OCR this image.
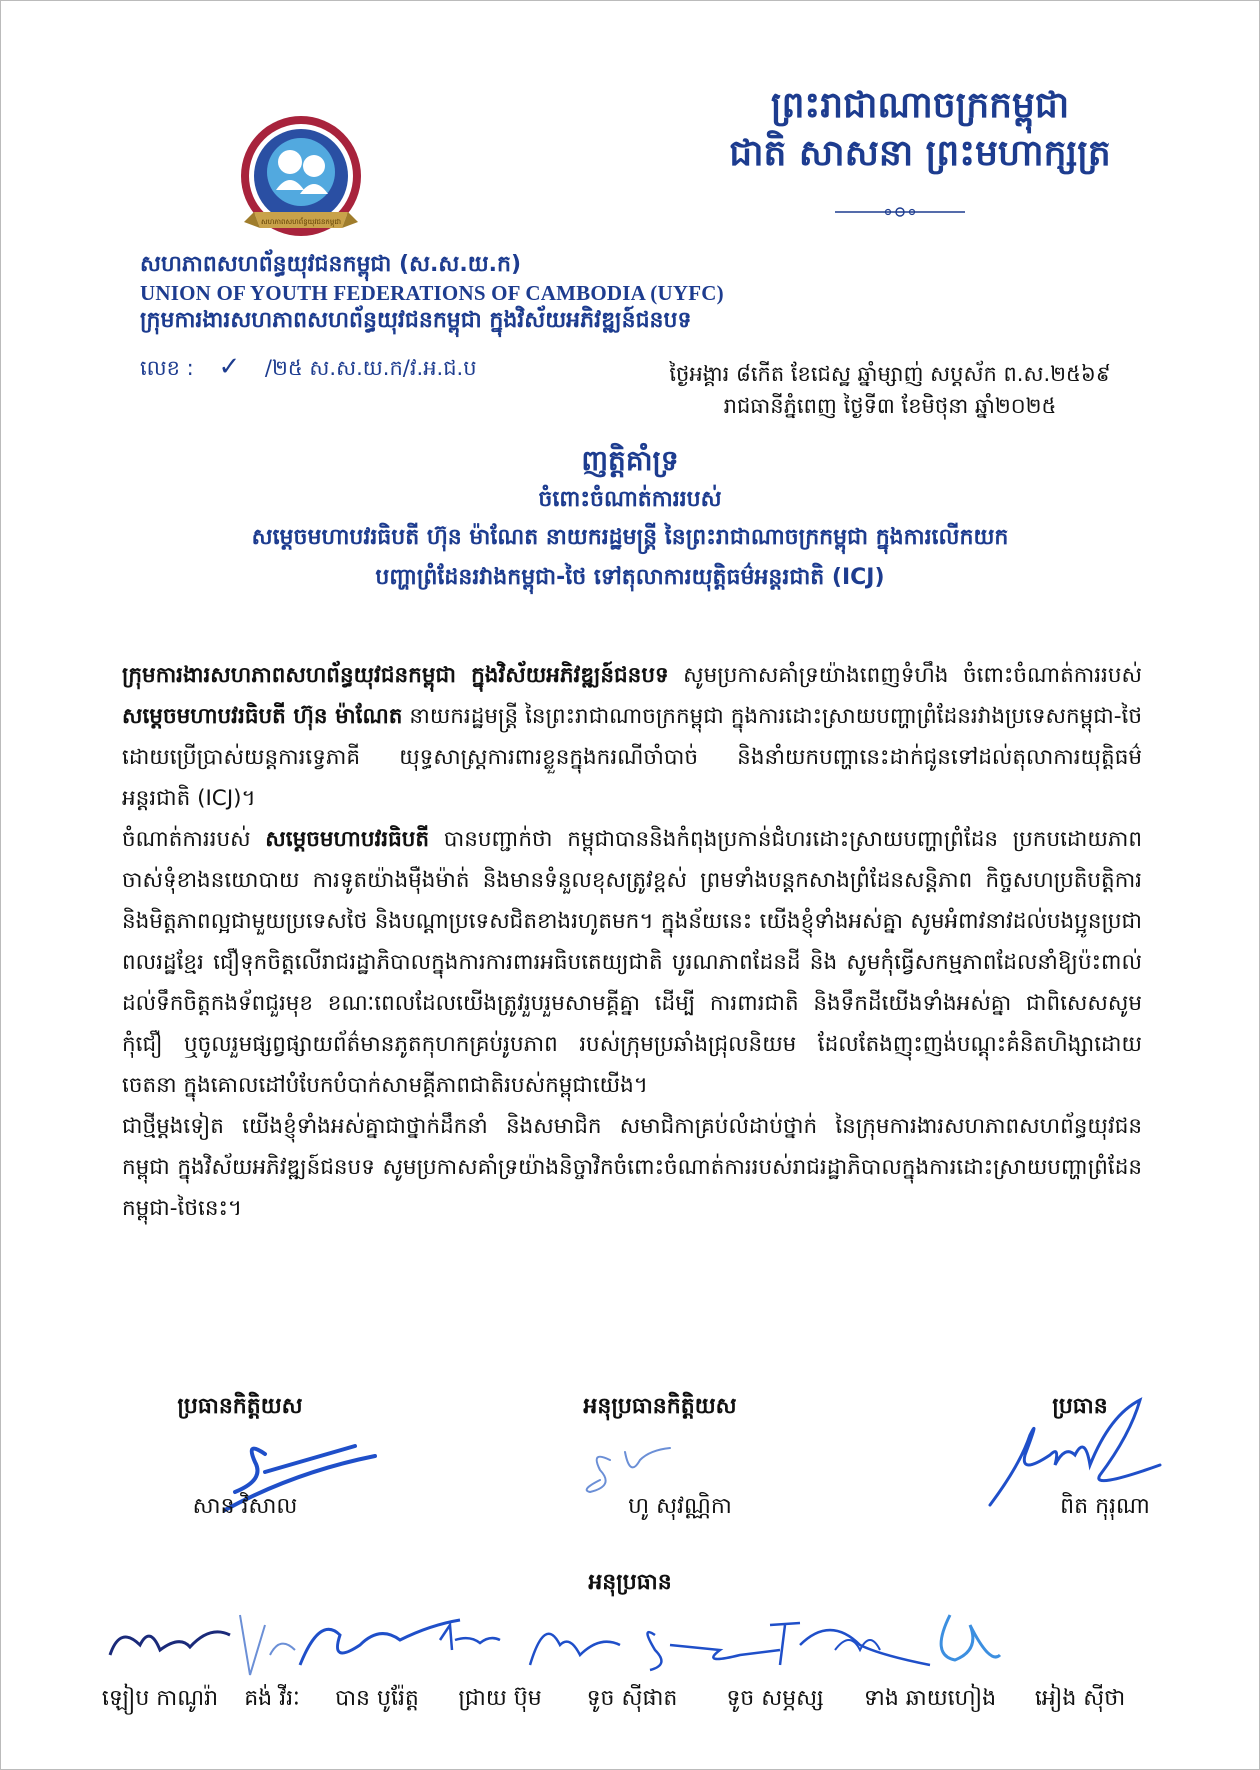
ព្រះរាជាណាចក្រកម្ពុជា
ជាតិ សាសនា ព្រះមហាក្សត្រ
សហភាពសហព័ន្ធយុវជនកម្ពុជា
សហភាពសហព័ន្ធយុវជនកម្ពុជា (ស.ស.យ.ក)
UNION OF YOUTH FEDERATIONS OF CAMBODIA (UYFC)
ក្រុមការងារសហភាពសហព័ន្ធយុវជនកម្ពុជា ក្នុងវិស័យអភិវឌ្ឍន៍ជនបទ
លេខ : ✓ /២៥ ស.ស.យ.ក/វ.អ.ជ.ប	ថ្ងៃអង្គារ ៨កើត ខែជេស្ឋ ឆ្នាំម្សាញ់ សប្តស័ក ព.ស.២៥៦៩
រាជធានីភ្នំពេញ ថ្ងៃទី៣ ខែមិថុនា ឆ្នាំ២០២៥
ញត្តិគាំទ្រ
ចំពោះចំណាត់ការរបស់
សម្តេចមហាបវរធិបតី ហ៊ុន ម៉ាណែត នាយករដ្ឋមន្ត្រី នៃព្រះរាជាណាចក្រកម្ពុជា ក្នុងការលើកយក
បញ្ហាព្រំដែនរវាងកម្ពុជា-ថៃ ទៅតុលាការយុត្តិធម៌អន្តរជាតិ (ICJ)

ក្រុមការងារសហភាពសហព័ន្ធយុវជនកម្ពុជា ក្នុងវិស័យអភិវឌ្ឍន៍ជនបទ សូមប្រកាសគាំទ្រយ៉ាងពេញទំហឹង ចំពោះចំណាត់ការរបស់ សម្តេចមហាបវរធិបតី ហ៊ុន ម៉ាណែត នាយករដ្ឋមន្ត្រី នៃព្រះរាជាណាចក្រកម្ពុជា ក្នុងការដោះស្រាយបញ្ហាព្រំដែនរវាងប្រទេសកម្ពុជា-ថៃ ដោយប្រើប្រាស់យន្តការទ្វេភាគី យុទ្ធសាស្ត្រការពារខ្លួនក្នុងករណីចាំបាច់ និងនាំយកបញ្ហានេះដាក់ជូនទៅដល់តុលាការយុត្តិធម៌អន្តរជាតិ (ICJ)។

ចំណាត់ការរបស់ សម្តេចមហាបវរធិបតី បានបញ្ជាក់ថា កម្ពុជាបាននិងកំពុងប្រកាន់ជំហរដោះស្រាយបញ្ហាព្រំដែន ប្រកបដោយភាពចាស់ទុំខាងនយោបាយ ការទូតយ៉ាងម៉ឺងម៉ាត់ និងមានទំនួលខុសត្រូវខ្ពស់ ព្រមទាំងបន្តកសាងព្រំដែនសន្តិភាព កិច្ចសហប្រតិបត្តិការ និងមិត្តភាពល្អជាមួយប្រទេសថៃ និងបណ្តាប្រទេសជិតខាងរហូតមក។ ក្នុងន័យនេះ យើងខ្ញុំទាំងអស់គ្នា សូមអំពាវនាវដល់បងប្អូនប្រជាពលរដ្ឋខ្មែរ ជឿទុកចិត្តលើរាជរដ្ឋាភិបាលក្នុងការការពារអធិបតេយ្យជាតិ បូរណភាពដែនដី និង សូមកុំធ្វើសកម្មភាពដែលនាំឱ្យប៉ះពាល់ដល់ទឹកចិត្តកងទ័ពជួរមុខ ខណៈពេលដែលយើងត្រូវរួបរួមសាមគ្គីគ្នា ដើម្បី ការពារជាតិ និងទឹកដីយើងទាំងអស់គ្នា ជាពិសេសសូមកុំជឿ ឬចូលរួមផ្សព្វផ្សាយព័ត៌មានភូតកុហកគ្រប់រូបភាព របស់ក្រុមប្រឆាំងជ្រុលនិយម ដែលតែងញុះញង់បណ្តុះគំនិតហិង្សាដោយចេតនា ក្នុងគោលដៅបំបែកបំបាក់សាមគ្គីភាពជាតិរបស់កម្ពុជាយើង។

ជាថ្មីម្តងទៀត យើងខ្ញុំទាំងអស់គ្នាជាថ្នាក់ដឹកនាំ និងសមាជិក សមាជិកាគ្រប់លំដាប់ថ្នាក់ នៃក្រុមការងារសហភាពសហព័ន្ធយុវជនកម្ពុជា ក្នុងវិស័យអភិវឌ្ឍន៍ជនបទ សូមប្រកាសគាំទ្រយ៉ាងនិច្ចាវិកចំពោះចំណាត់ការរបស់រាជរដ្ឋាភិបាលក្នុងការដោះស្រាយបញ្ហាព្រំដែនកម្ពុជា-ថៃនេះ។

ប្រធានកិត្តិយស
សាន វិសាល
អនុប្រធានកិត្តិយស
ហូ សុវណ្ណិកា
ប្រធាន
ពិត កុរុណា
អនុប្រធាន
ឡៀប កាណូរ៉ា	គង់ វីរៈ	បាន បូរ៉ែត្ត	ជ្រាយ ប៊ុម	ទូច ស៊ីផាត	ទូច សម្ភស្ស	ទាង ឆាយហៀង	អៀង ស៊ីថា
